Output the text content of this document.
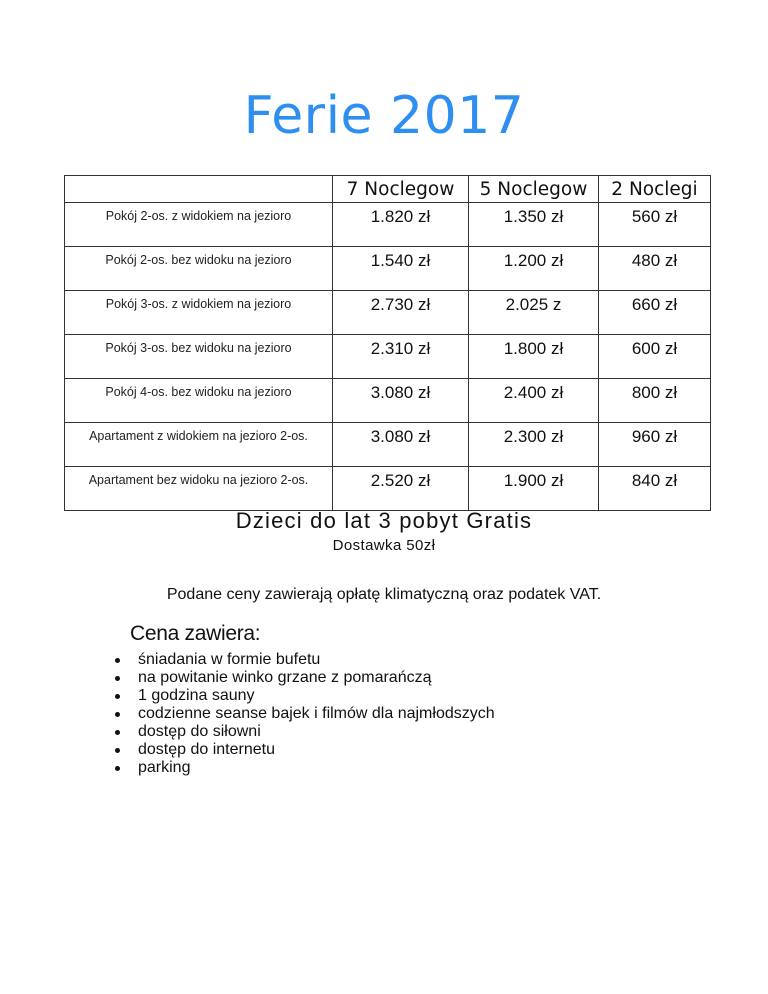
Ferie 2017
	7 Noclegow	5 Noclegow	2 Noclegi
Pokój 2-os. z widokiem na jezioro	1.820 zł	1.350 zł	560 zł
Pokój 2-os. bez widoku na jezioro	1.540 zł	1.200 zł	480 zł
Pokój 3-os. z widokiem na jezioro	2.730 zł	2.025 z	660 zł
Pokój 3-os. bez widoku na jezioro	2.310 zł	1.800 zł	600 zł
Pokój 4-os. bez widoku na jezioro	3.080 zł	2.400 zł	800 zł
Apartament z widokiem na jezioro 2-os.	3.080 zł	2.300 zł	960 zł
Apartament bez widoku na jezioro 2-os.	2.520 zł	1.900 zł	840 zł
Dzieci do lat 3 pobyt Gratis
Dostawka 50zł
Podane ceny zawierają opłatę klimatyczną oraz podatek VAT.
Cena zawiera:
śniadania w formie bufetu
na powitanie winko grzane z pomarańczą
1 godzina sauny
codzienne seanse bajek i filmów dla najmłodszych
dostęp do siłowni
dostęp do internetu
parking
